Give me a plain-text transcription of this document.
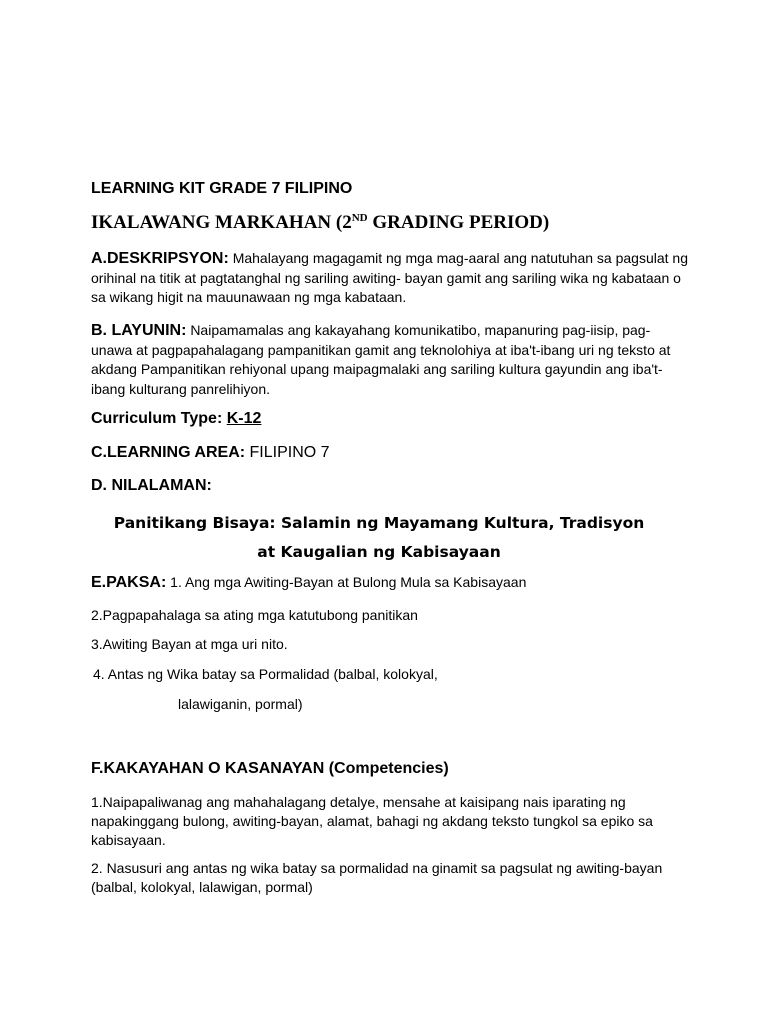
LEARNING KIT GRADE 7 FILIPINO
IKALAWANG MARKAHAN (2ND GRADING PERIOD)
A.DESKRIPSYON: Mahalayang magagamit ng mga mag-aaral ang natutuhan sa pagsulat ng orihinal na titik at pagtatanghal ng sariling awiting- bayan gamit ang sariling wika ng kabataan o sa wikang higit na mauunawaan ng mga kabataan.
B. LAYUNIN: Naipamamalas ang kakayahang komunikatibo, mapanuring pag-iisip, pag-unawa at pagpapahalagang pampanitikan gamit ang teknolohiya at iba't-ibang uri ng teksto at akdang Pampanitikan rehiyonal upang maipagmalaki ang sariling kultura gayundin ang iba't-ibang kulturang panrelihiyon.
Curriculum Type: K-12
C.LEARNING AREA: FILIPINO 7
D. NILALAMAN:
Panitikang Bisaya: Salamin ng Mayamang Kultura, Tradisyon
at Kaugalian ng Kabisayaan
E.PAKSA: 1. Ang mga Awiting-Bayan at Bulong Mula sa Kabisayaan
2.Pagpapahalaga sa ating mga katutubong panitikan
3.Awiting Bayan at mga uri nito.
4. Antas ng Wika batay sa Pormalidad (balbal, kolokyal,
lalawiganin, pormal)
F.KAKAYAHAN O KASANAYAN (Competencies)
1.Naipapaliwanag ang mahahalagang detalye, mensahe at kaisipang nais iparating ng napakinggang bulong, awiting-bayan, alamat, bahagi ng akdang teksto tungkol sa epiko sa kabisayaan.
2. Nasusuri ang antas ng wika batay sa pormalidad na ginamit sa pagsulat ng awiting-bayan (balbal, kolokyal, lalawigan, pormal)
